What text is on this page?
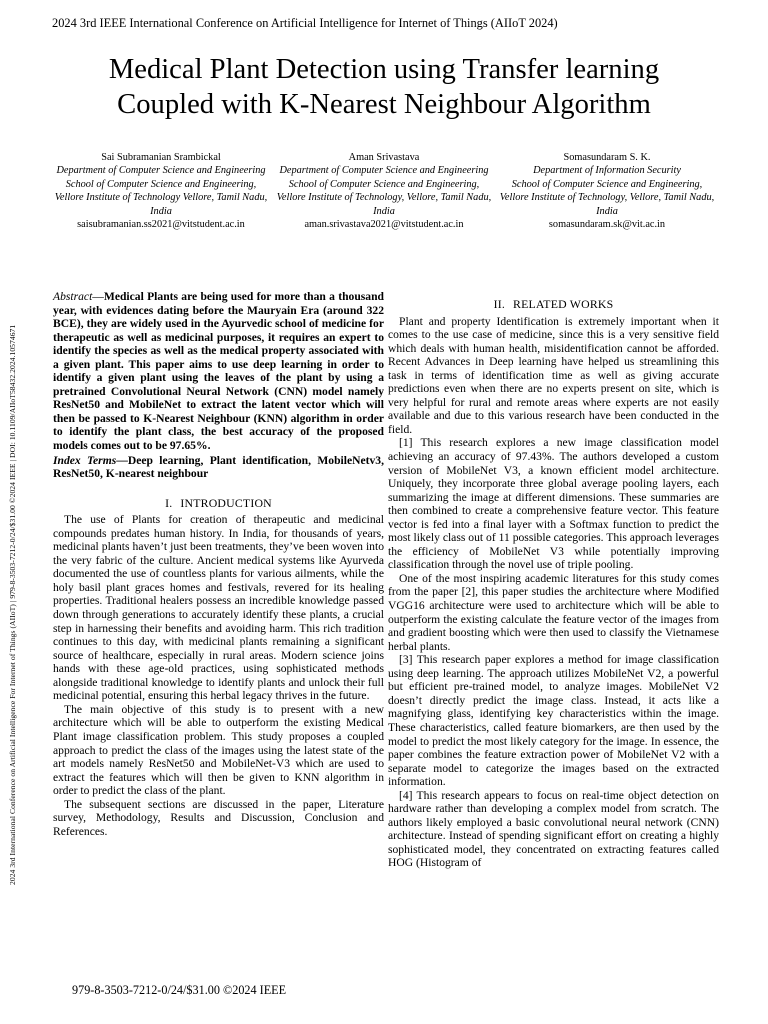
2024 3rd IEEE International Conference on Artificial Intelligence for Internet of Things (AIIoT 2024)
2024 3rd International Conference on Artificial Intelligence For Internet of Things (AIIoT) | 979-8-3503-7212-0/24/$31.00 ©2024 IEEE | DOI: 10.1109/AIIoT58432.2024.10574671
Medical Plant Detection using Transfer learning
Coupled with K-Nearest Neighbour Algorithm
Sai Subramanian Srambickal
Department of Computer Science and Engineering
School of Computer Science and Engineering, Vellore Institute of Technology Vellore, Tamil Nadu, India
saisubramanian.ss2021@vitstudent.ac.in
Aman Srivastava
Department of Computer Science and Engineering
School of Computer Science and Engineering, Vellore Institute of Technology, Vellore, Tamil Nadu, India
aman.srivastava2021@vitstudent.ac.in
Somasundaram S. K.
Department of Information Security
School of Computer Science and Engineering, Vellore Institute of Technology, Vellore, Tamil Nadu, India
somasundaram.sk@vit.ac.in

Abstract—Medical Plants are being used for more than a thousand year, with evidences dating before the Mauryain Era (around 322 BCE), they are widely used in the Ayurvedic school of medicine for therapeutic as well as medicinal purposes, it requires an expert to identify the species as well as the medical property associated with a given plant. This paper aims to use deep learning in order to identify a given plant using the leaves of the plant by using a pretrained Convolutional Neural Network (CNN) model namely ResNet50 and MobileNet to extract the latent vector which will then be passed to K-Nearest Neighbour (KNN) algorithm in order to identify the plant class, the best accuracy of the proposed models comes out to be 97.65%.

Index Terms—Deep learning, Plant identification, MobileNetv3, ResNet50, K-nearest neighbour

I. INTRODUCTION

The use of Plants for creation of therapeutic and medicinal compounds predates human history. In India, for thousands of years, medicinal plants haven’t just been treatments, they’ve been woven into the very fabric of the culture. Ancient medical systems like Ayurveda documented the use of countless plants for various ailments, while the holy basil plant graces homes and festivals, revered for its healing properties. Traditional healers possess an incredible knowledge passed down through generations to accurately identify these plants, a crucial step in harnessing their benefits and avoiding harm. This rich tradition continues to this day, with medicinal plants remaining a significant source of healthcare, especially in rural areas. Modern science joins hands with these age-old practices, using sophisticated methods alongside traditional knowledge to identify plants and unlock their full medicinal potential, ensuring this herbal legacy thrives in the future.

The main objective of this study is to present with a new architecture which will be able to outperform the existing Medical Plant image classification problem. This study proposes a coupled approach to predict the class of the images using the latest state of the art models namely ResNet50 and MobileNet-V3 which are used to extract the features which will then be given to KNN algorithm in order to predict the class of the plant.

The subsequent sections are discussed in the paper, Literature survey, Methodology, Results and Discussion, Conclusion and References.

II. RELATED WORKS

Plant and property Identification is extremely important when it comes to the use case of medicine, since this is a very sensitive field which deals with human health, misidentification cannot be afforded. Recent Advances in Deep learning have helped us streamlining this task in terms of identification time as well as giving accurate predictions even when there are no experts present on site, which is very helpful for rural and remote areas where experts are not easily available and due to this various research have been conducted in the field.

[1] This research explores a new image classification model achieving an accuracy of 97.43%. The authors developed a custom version of MobileNet V3, a known efficient model architecture. Uniquely, they incorporate three global average pooling layers, each summarizing the image at different dimensions. These summaries are then combined to create a comprehensive feature vector. This feature vector is fed into a final layer with a Softmax function to predict the most likely class out of 11 possible categories. This approach leverages the efficiency of MobileNet V3 while potentially improving classification through the novel use of triple pooling.

One of the most inspiring academic literatures for this study comes from the paper [2], this paper studies the architecture where Modified VGG16 architecture were used to architecture which will be able to outperform the existing calculate the feature vector of the images from and gradient boosting which were then used to classify the Vietnamese herbal plants.

[3] This research paper explores a method for image classification using deep learning. The approach utilizes MobileNet V2, a powerful but efficient pre-trained model, to analyze images. MobileNet V2 doesn’t directly predict the image class. Instead, it acts like a magnifying glass, identifying key characteristics within the image. These characteristics, called feature biomarkers, are then used by the model to predict the most likely category for the image. In essence, the paper combines the feature extraction power of MobileNet V2 with a separate model to categorize the images based on the extracted information.

[4] This research appears to focus on real-time object detection on hardware rather than developing a complex model from scratch. The authors likely employed a basic convolutional neural network (CNN) architecture. Instead of spending significant effort on creating a highly sophisticated model, they concentrated on extracting features called HOG (Histogram of

979-8-3503-7212-0/24/$31.00 ©2024 IEEE
